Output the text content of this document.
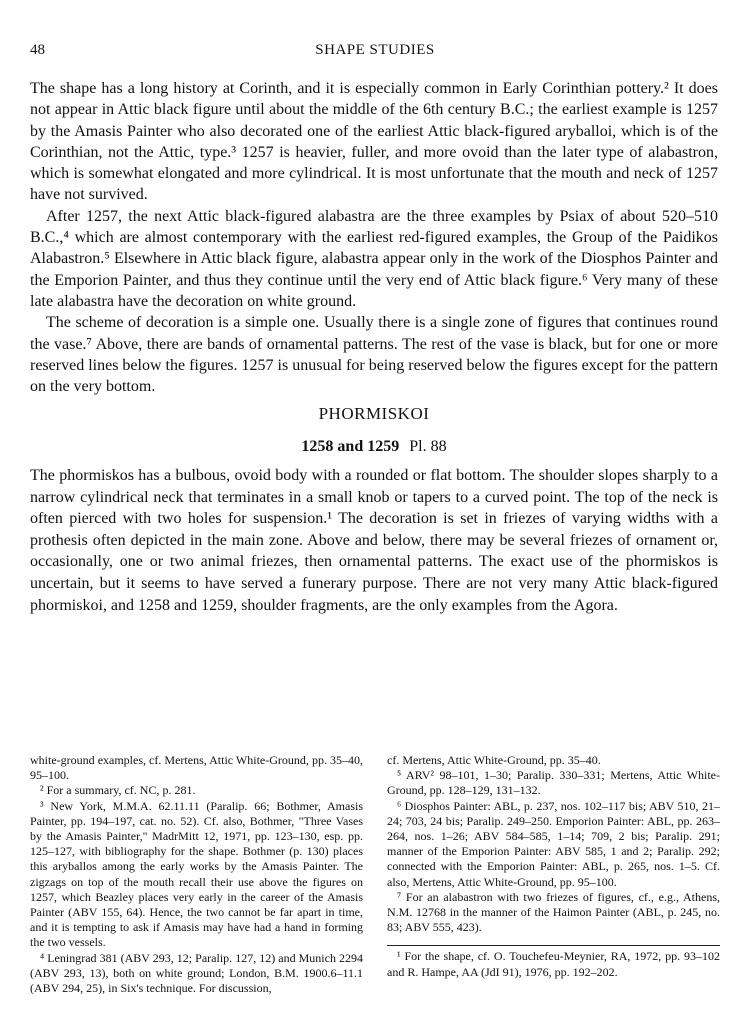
48	SHAPE STUDIES

The shape has a long history at Corinth, and it is especially common in Early Corinthian pottery.² It does not appear in Attic black figure until about the middle of the 6th century B.C.; the earliest example is 1257 by the Amasis Painter who also decorated one of the earliest Attic black-figured aryballoi, which is of the Corinthian, not the Attic, type.³ 1257 is heavier, fuller, and more ovoid than the later type of alabastron, which is somewhat elongated and more cylindrical. It is most unfortunate that the mouth and neck of 1257 have not survived.

After 1257, the next Attic black-figured alabastra are the three examples by Psiax of about 520–510 B.C.,⁴ which are almost contemporary with the earliest red-figured examples, the Group of the Paidikos Alabastron.⁵ Elsewhere in Attic black figure, alabastra appear only in the work of the Diosphos Painter and the Emporion Painter, and thus they continue until the very end of Attic black figure.⁶ Very many of these late alabastra have the decoration on white ground.

The scheme of decoration is a simple one. Usually there is a single zone of figures that continues round the vase.⁷ Above, there are bands of ornamental patterns. The rest of the vase is black, but for one or more reserved lines below the figures. 1257 is unusual for being reserved below the figures except for the pattern on the very bottom.

PHORMISKOI
1258 and 1259 Pl. 88

The phormiskos has a bulbous, ovoid body with a rounded or flat bottom. The shoulder slopes sharply to a narrow cylindrical neck that terminates in a small knob or tapers to a curved point. The top of the neck is often pierced with two holes for suspension.¹ The decoration is set in friezes of varying widths with a prothesis often depicted in the main zone. Above and below, there may be several friezes of ornament or, occasionally, one or two animal friezes, then ornamental patterns. The exact use of the phormiskos is uncertain, but it seems to have served a funerary purpose. There are not very many Attic black-figured phormiskoi, and 1258 and 1259, shoulder fragments, are the only examples from the Agora.

white-ground examples, cf. Mertens, Attic White-Ground, pp. 35–40, 95–100.

² For a summary, cf. NC, p. 281.

³ New York, M.M.A. 62.11.11 (Paralip. 66; Bothmer, Amasis Painter, pp. 194–197, cat. no. 52). Cf. also, Bothmer, "Three Vases by the Amasis Painter," MadrMitt 12, 1971, pp. 123–130, esp. pp. 125–127, with bibliography for the shape. Bothmer (p. 130) places this aryballos among the early works by the Amasis Painter. The zigzags on top of the mouth recall their use above the figures on 1257, which Beazley places very early in the career of the Amasis Painter (ABV 155, 64). Hence, the two cannot be far apart in time, and it is tempting to ask if Amasis may have had a hand in forming the two vessels.

⁴ Leningrad 381 (ABV 293, 12; Paralip. 127, 12) and Munich 2294 (ABV 293, 13), both on white ground; London, B.M. 1900.6–11.1 (ABV 294, 25), in Six's technique. For discussion,

cf. Mertens, Attic White-Ground, pp. 35–40.

⁵ ARV² 98–101, 1–30; Paralip. 330–331; Mertens, Attic White-Ground, pp. 128–129, 131–132.

⁶ Diosphos Painter: ABL, p. 237, nos. 102–117 bis; ABV 510, 21–24; 703, 24 bis; Paralip. 249–250. Emporion Painter: ABL, pp. 263–264, nos. 1–26; ABV 584–585, 1–14; 709, 2 bis; Paralip. 291; manner of the Emporion Painter: ABV 585, 1 and 2; Paralip. 292; connected with the Emporion Painter: ABL, p. 265, nos. 1–5. Cf. also, Mertens, Attic White-Ground, pp. 95–100.

⁷ For an alabastron with two friezes of figures, cf., e.g., Athens, N.M. 12768 in the manner of the Haimon Painter (ABL, p. 245, no. 83; ABV 555, 423).

¹ For the shape, cf. O. Touchefeu-Meynier, RA, 1972, pp. 93–102 and R. Hampe, AA (JdI 91), 1976, pp. 192–202.
